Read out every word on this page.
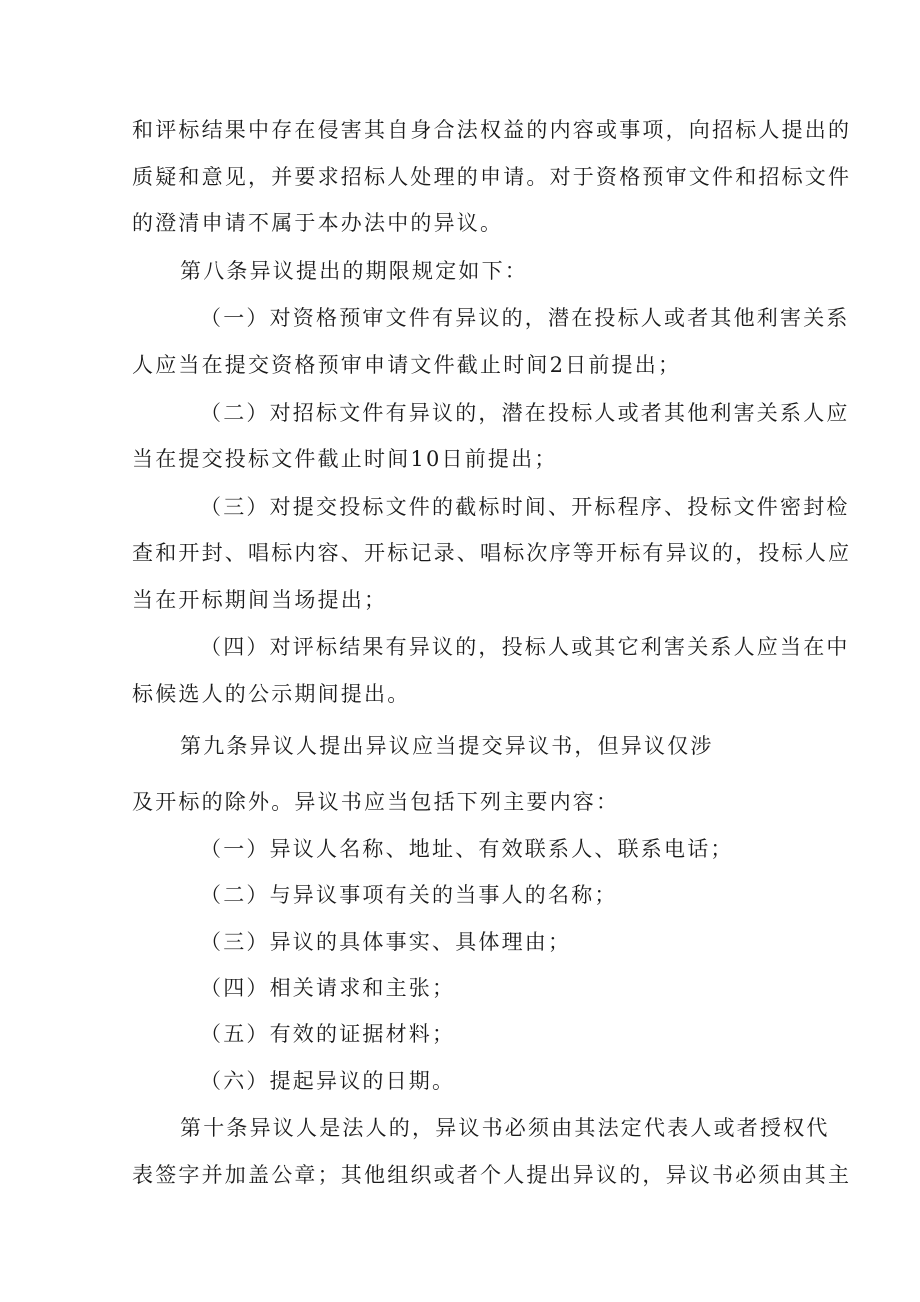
和评标结果中存在侵害其自身合法权益的内容或事项，向招标人提出的
质疑和意见，并要求招标人处理的申请。对于资格预审文件和招标文件
的澄清申请不属于本办法中的异议。
第八条异议提出的期限规定如下：
（一）对资格预审文件有异议的，潜在投标人或者其他利害关系
人应当在提交资格预审申请文件截止时间2日前提出；
（二）对招标文件有异议的，潜在投标人或者其他利害关系人应
当在提交投标文件截止时间10日前提出；
（三）对提交投标文件的截标时间、开标程序、投标文件密封检
查和开封、唱标内容、开标记录、唱标次序等开标有异议的，投标人应
当在开标期间当场提出；
（四）对评标结果有异议的，投标人或其它利害关系人应当在中
标候选人的公示期间提出。
第九条异议人提出异议应当提交异议书，但异议仅涉
及开标的除外。异议书应当包括下列主要内容：
（一）异议人名称、地址、有效联系人、联系电话；
（二）与异议事项有关的当事人的名称；
（三）异议的具体事实、具体理由；
（四）相关请求和主张；
（五）有效的证据材料；
（六）提起异议的日期。
第十条异议人是法人的，异议书必须由其法定代表人或者授权代
表签字并加盖公章；其他组织或者个人提出异议的，异议书必须由其主
